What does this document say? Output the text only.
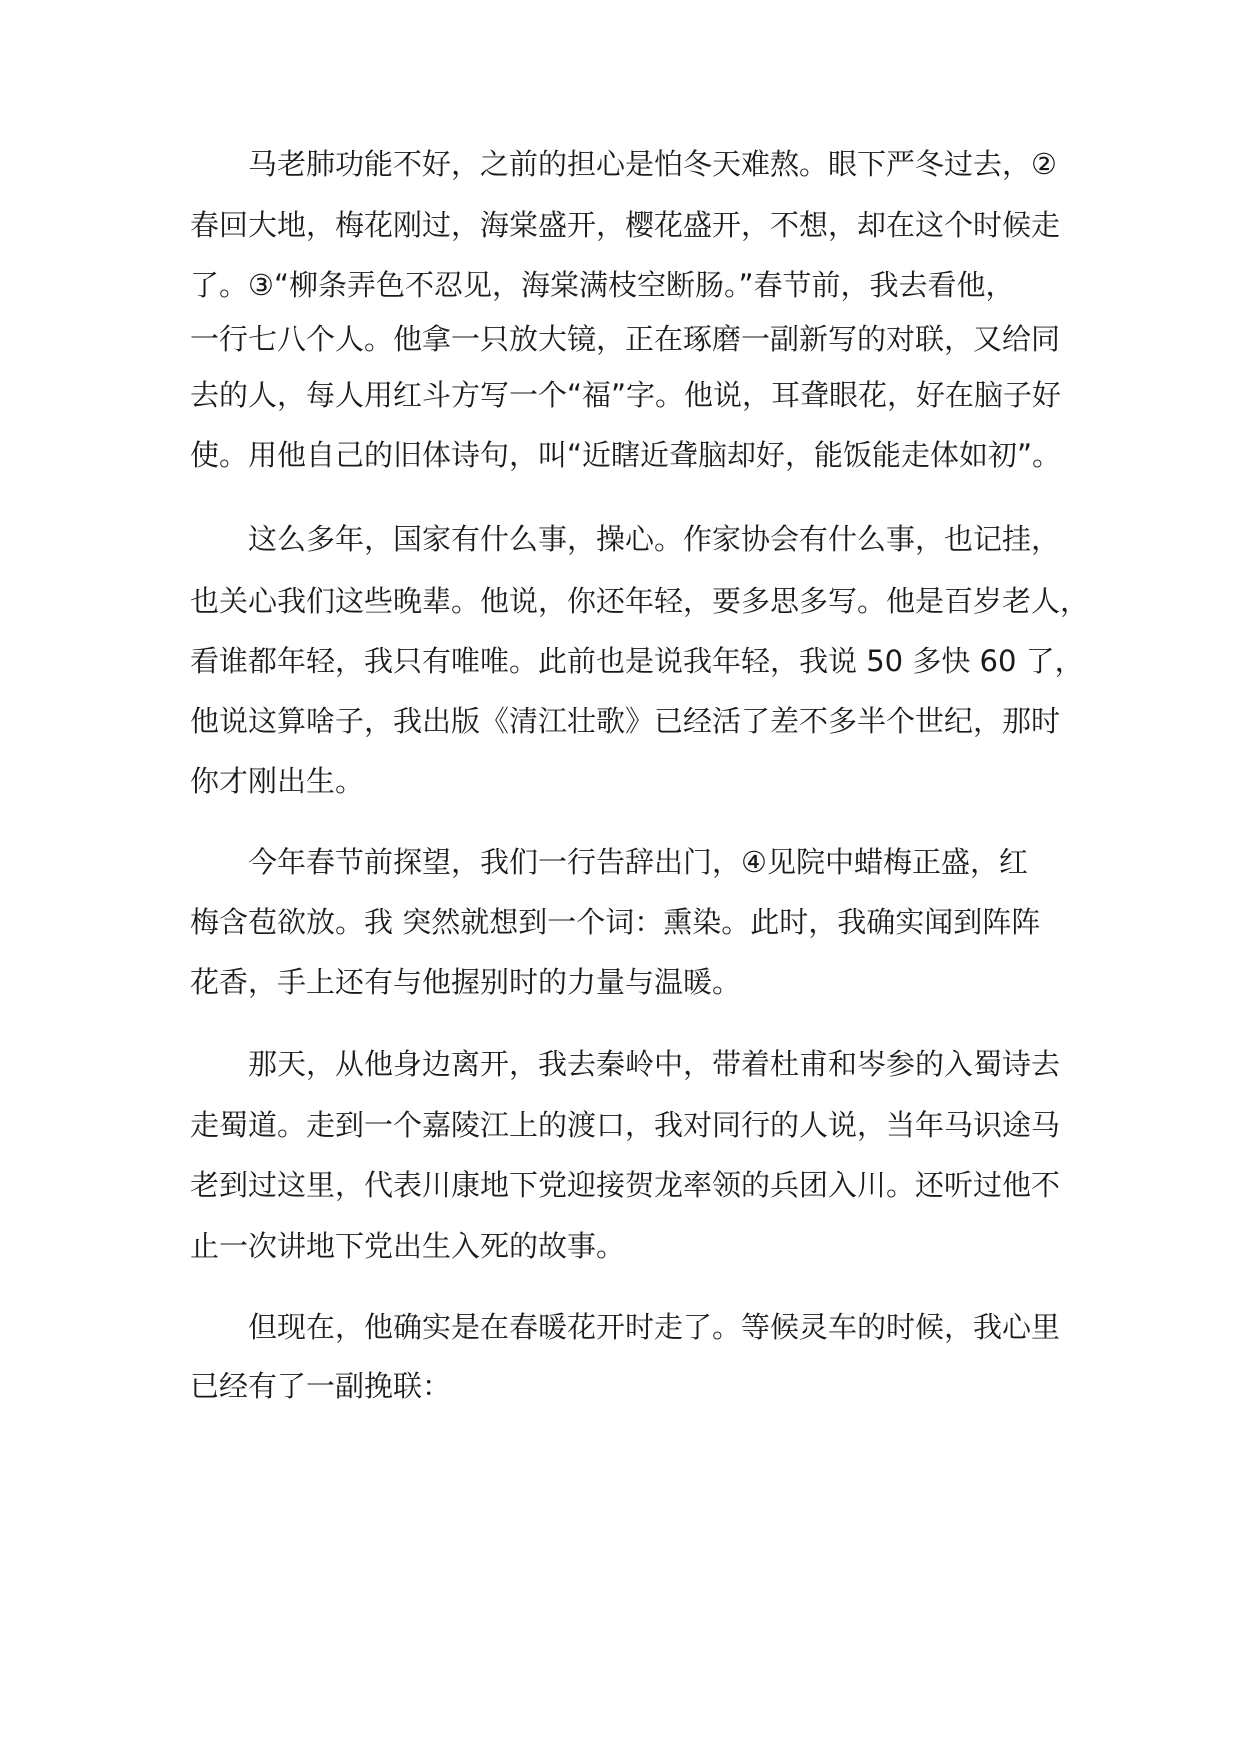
马老肺功能不好，之前的担心是怕冬天难熬。眼下严冬过去，②
春回大地，梅花刚过，海棠盛开，樱花盛开，不想，却在这个时候走
了。③“柳条弄色不忍见，海棠满枝空断肠。”春节前，我去看他，
一行七八个人。他拿一只放大镜，正在琢磨一副新写的对联，又给同
去的人，每人用红斗方写一个“福”字。他说，耳聋眼花，好在脑子好
使。用他自己的旧体诗句，叫“近瞎近聋脑却好，能饭能走体如初”。
这么多年，国家有什么事，操心。作家协会有什么事，也记挂，
也关心我们这些晚辈。他说，你还年轻，要多思多写。他是百岁老人，
看谁都年轻，我只有唯唯。此前也是说我年轻，我说 50 多快 60 了，
他说这算啥子，我出版《清江壮歌》已经活了差不多半个世纪，那时
你才刚出生。
今年春节前探望，我们一行告辞出门，④见院中蜡梅正盛，红
梅含苞欲放。我 突然就想到一个词：熏染。此时，我确实闻到阵阵
花香，手上还有与他握别时的力量与温暖。
那天，从他身边离开，我去秦岭中，带着杜甫和岑参的入蜀诗去
走蜀道。走到一个嘉陵江上的渡口，我对同行的人说，当年马识途马
老到过这里，代表川康地下党迎接贺龙率领的兵团入川。还听过他不
止一次讲地下党出生入死的故事。
但现在，他确实是在春暖花开时走了。等候灵车的时候，我心里
已经有了一副挽联：
